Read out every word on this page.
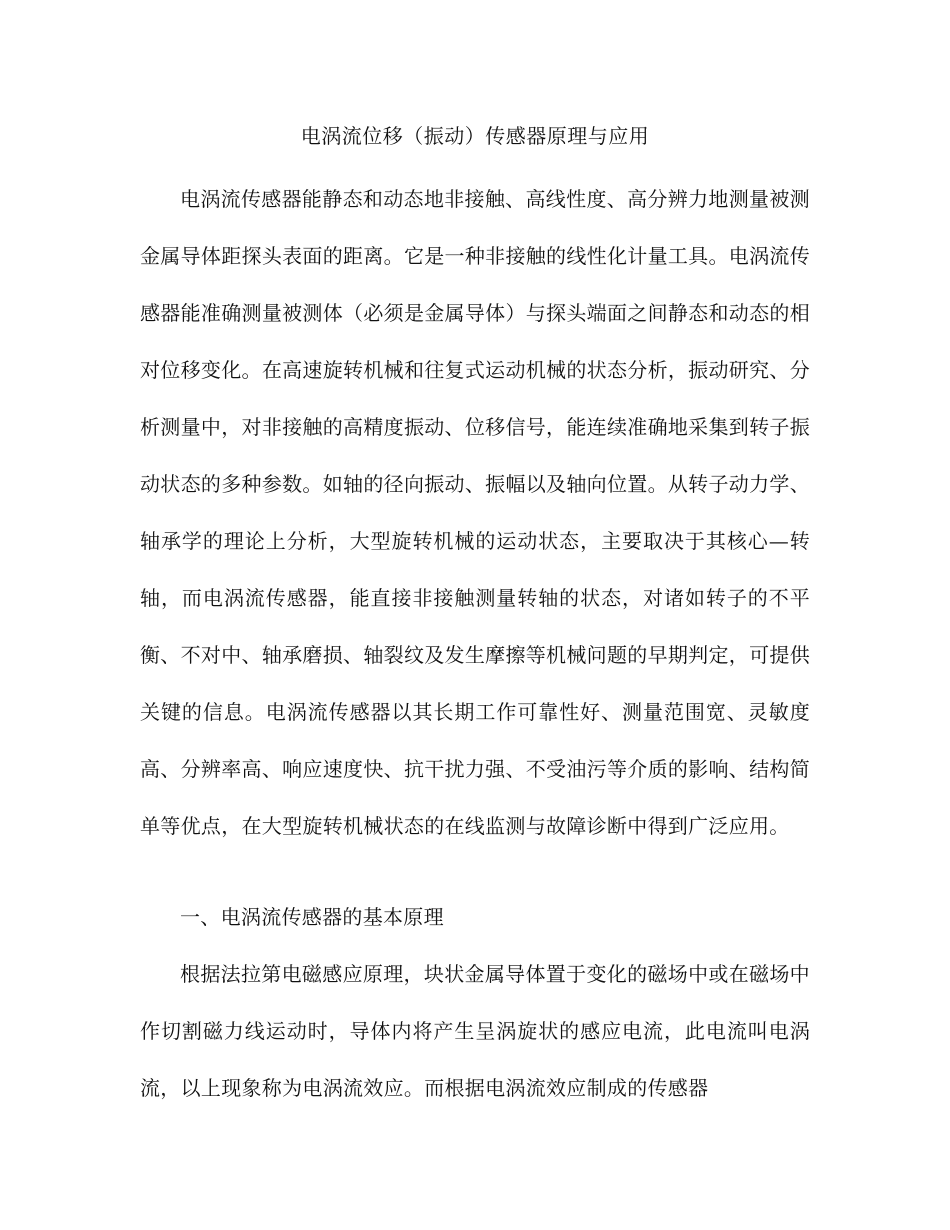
电涡流位移（振动）传感器原理与应用

电涡流传感器能静态和动态地非接触、高线性度、高分辨力地测量被测金属导体距探头表面的距离。它是一种非接触的线性化计量工具。电涡流传感器能准确测量被测体（必须是金属导体）与探头端面之间静态和动态的相对位移变化。在高速旋转机械和往复式运动机械的状态分析，振动研究、分析测量中，对非接触的高精度振动、位移信号，能连续准确地采集到转子振动状态的多种参数。如轴的径向振动、振幅以及轴向位置。从转子动力学、轴承学的理论上分析，大型旋转机械的运动状态，主要取决于其核心—转轴，而电涡流传感器，能直接非接触测量转轴的状态，对诸如转子的不平衡、不对中、轴承磨损、轴裂纹及发生摩擦等机械问题的早期判定，可提供关键的信息。电涡流传感器以其长期工作可靠性好、测量范围宽、灵敏度高、分辨率高、响应速度快、抗干扰力强、不受油污等介质的影响、结构简单等优点，在大型旋转机械状态的在线监测与故障诊断中得到广泛应用。

一、电涡流传感器的基本原理

根据法拉第电磁感应原理，块状金属导体置于变化的磁场中或在磁场中作切割磁力线运动时，导体内将产生呈涡旋状的感应电流，此电流叫电涡流，以上现象称为电涡流效应。而根据电涡流效应制成的传感器
